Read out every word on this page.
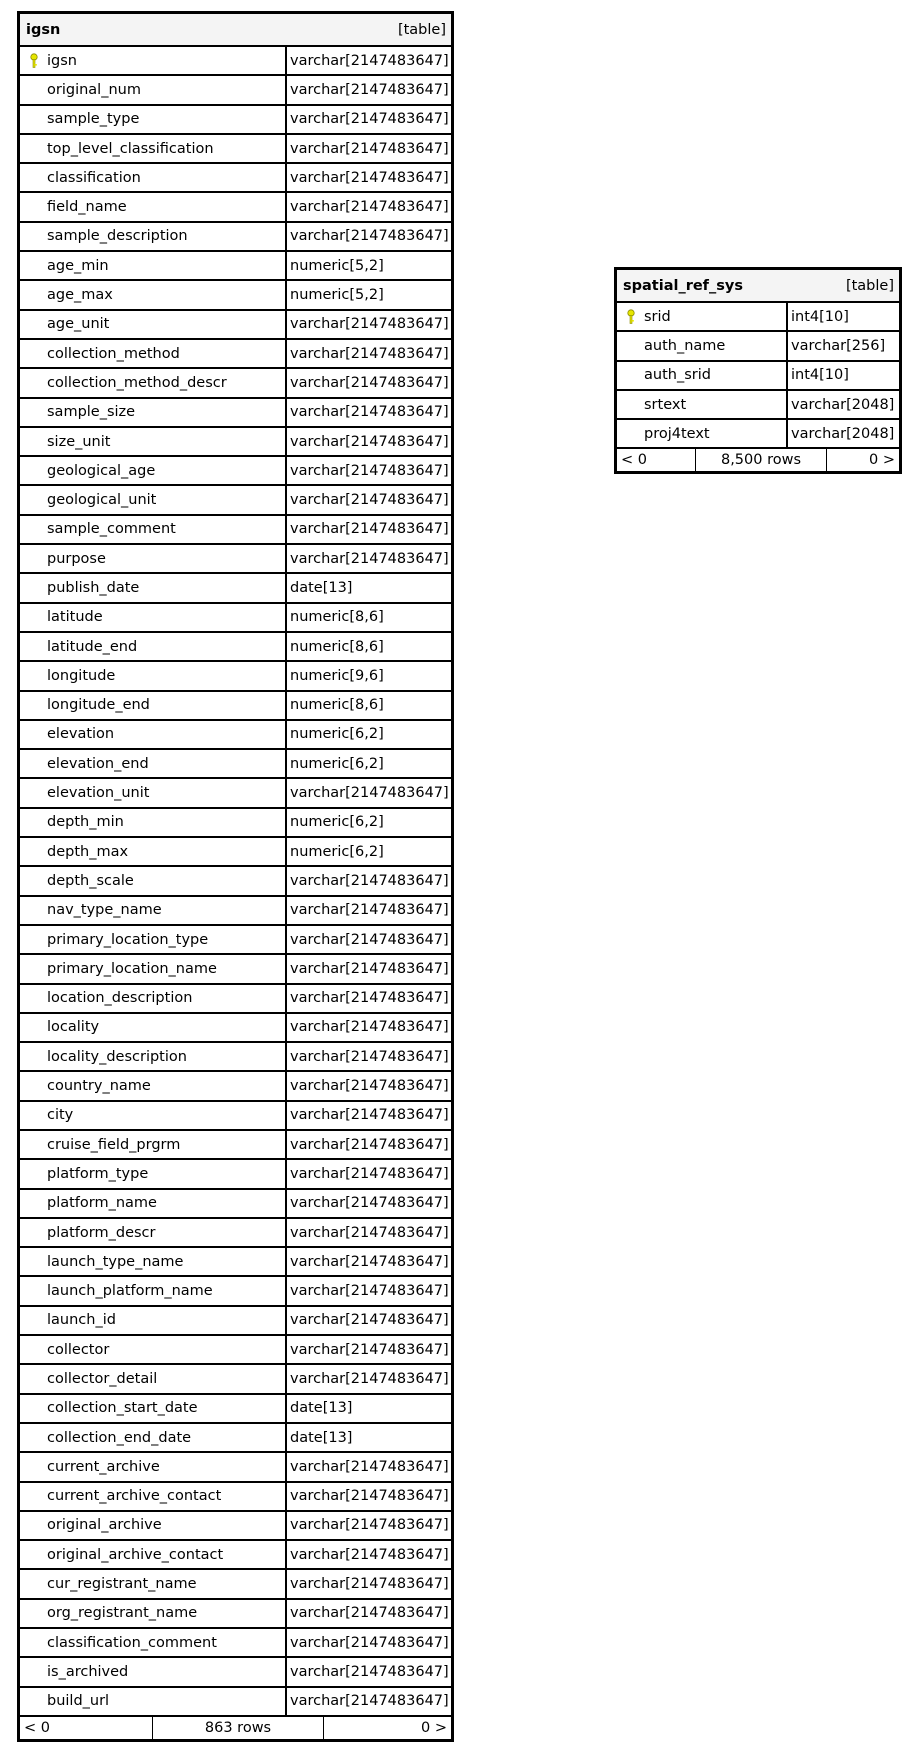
igsn	[table]
igsn	varchar[2147483647]
original_num	varchar[2147483647]
sample_type	varchar[2147483647]
top_level_classification	varchar[2147483647]
classification	varchar[2147483647]
field_name	varchar[2147483647]
sample_description	varchar[2147483647]
age_min	numeric[5,2]
age_max	numeric[5,2]
age_unit	varchar[2147483647]
collection_method	varchar[2147483647]
collection_method_descr	varchar[2147483647]
sample_size	varchar[2147483647]
size_unit	varchar[2147483647]
geological_age	varchar[2147483647]
geological_unit	varchar[2147483647]
sample_comment	varchar[2147483647]
purpose	varchar[2147483647]
publish_date	date[13]
latitude	numeric[8,6]
latitude_end	numeric[8,6]
longitude	numeric[9,6]
longitude_end	numeric[8,6]
elevation	numeric[6,2]
elevation_end	numeric[6,2]
elevation_unit	varchar[2147483647]
depth_min	numeric[6,2]
depth_max	numeric[6,2]
depth_scale	varchar[2147483647]
nav_type_name	varchar[2147483647]
primary_location_type	varchar[2147483647]
primary_location_name	varchar[2147483647]
location_description	varchar[2147483647]
locality	varchar[2147483647]
locality_description	varchar[2147483647]
country_name	varchar[2147483647]
city	varchar[2147483647]
cruise_field_prgrm	varchar[2147483647]
platform_type	varchar[2147483647]
platform_name	varchar[2147483647]
platform_descr	varchar[2147483647]
launch_type_name	varchar[2147483647]
launch_platform_name	varchar[2147483647]
launch_id	varchar[2147483647]
collector	varchar[2147483647]
collector_detail	varchar[2147483647]
collection_start_date	date[13]
collection_end_date	date[13]
current_archive	varchar[2147483647]
current_archive_contact	varchar[2147483647]
original_archive	varchar[2147483647]
original_archive_contact	varchar[2147483647]
cur_registrant_name	varchar[2147483647]
org_registrant_name	varchar[2147483647]
classification_comment	varchar[2147483647]
is_archived	varchar[2147483647]
build_url	varchar[2147483647]
< 0	863 rows	0 >
spatial_ref_sys	[table]
srid	int4[10]
auth_name	varchar[256]
auth_srid	int4[10]
srtext	varchar[2048]
proj4text	varchar[2048]
< 0	8,500 rows	0 >
